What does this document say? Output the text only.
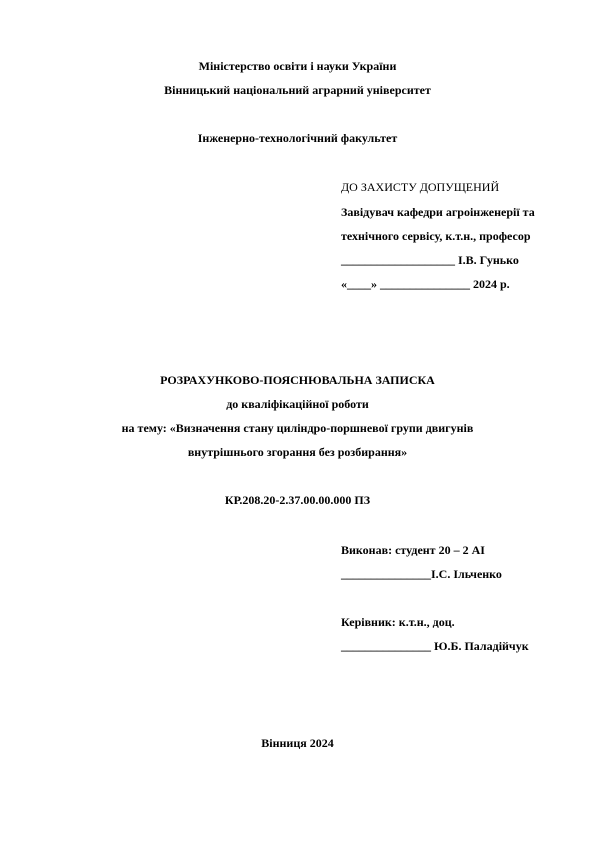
Міністерство освіти і науки України
Вінницький національний аграрний університет
Інженерно-технологічний факультет
ДО ЗАХИСТУ ДОПУЩЕНИЙ
Завідувач кафедри агроінженерії та
технічного сервісу, к.т.н., професор
___________________ І.В. Гунько
«____» _______________ 2024 р.
РОЗРАХУНКОВО-ПОЯСНЮВАЛЬНА ЗАПИСКА
до кваліфікаційної роботи
на тему: «Визначення стану циліндро-поршневої групи двигунів
внутрішнього згорання без розбирання»
КР.208.20-2.37.00.00.000 ПЗ
Виконав: студент 20 – 2 АІ
_______________І.С. Ільченко
Керівник: к.т.н., доц.
_______________ Ю.Б. Паладійчук
Вінниця 2024
